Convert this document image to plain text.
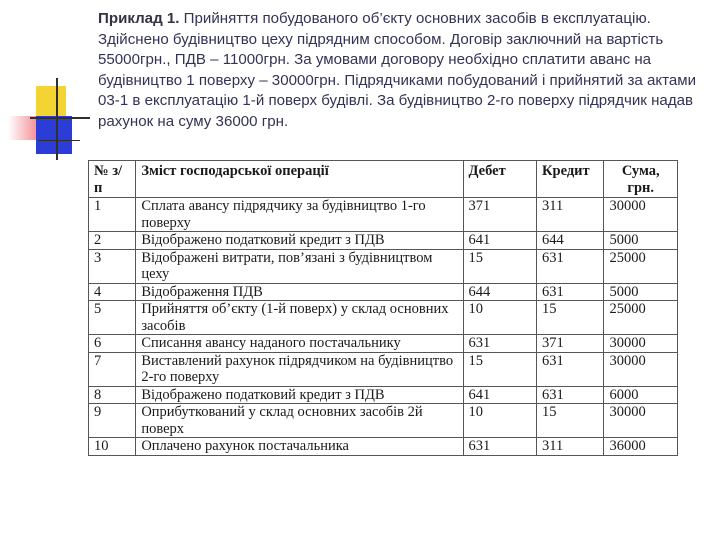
Приклад 1. Прийняття побудованого об’єкту основних засобів в експлуатацію. Здійснено будівництво цеху підрядним способом. Договір заключний на вартість 55000грн., ПДВ – 11000грн. За умовами договору необхідно сплатити аванс на будівництво 1 поверху – 30000грн. Підрядчиками побудований і прийнятий за актами 03-1 в експлуатацію 1-й поверх будівлі. За будівництво 2-го поверху підрядчик надав рахунок на суму 36000 грн.
№ з/п	Зміст господарської операції	Дебет	Кредит	Сума, грн.
1	Сплата авансу підрядчику за будівництво 1-го поверху	371	311	30000
2	Відображено податковий кредит з ПДВ	641	644	5000
3	Відображені витрати, пов’язані з будівництвом цеху	15	631	25000
4	Відображення ПДВ	644	631	5000
5	Прийняття об’єкту (1-й поверх) у склад основних засобів	10	15	25000
6	Списання авансу наданого постачальнику	631	371	30000
7	Виставлений рахунок підрядчиком на будівництво 2-го поверху	15	631	30000
8	Відображено податковий кредит з ПДВ	641	631	6000
9	Оприбуткований у склад основних засобів 2й поверх	10	15	30000
10	Оплачено рахунок постачальника	631	311	36000
